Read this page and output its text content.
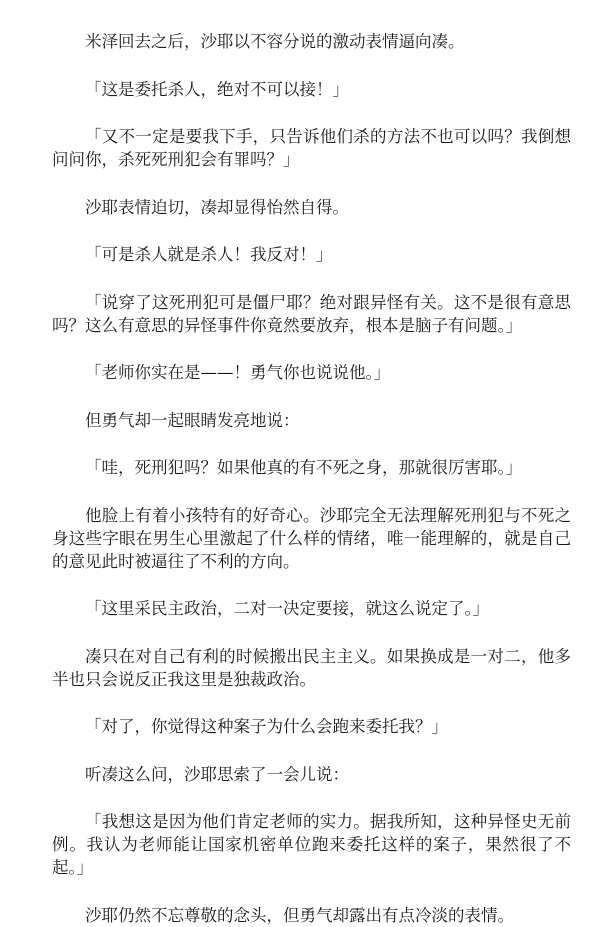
米泽回去之后，沙耶以不容分说的激动表情逼向凑。

「这是委托杀人，绝对不可以接！」

「又不一定是要我下手，只告诉他们杀的方法不也可以吗？我倒想问问你，杀死死刑犯会有罪吗？」

沙耶表情迫切，凑却显得怡然自得。

「可是杀人就是杀人！我反对！」

「说穿了这死刑犯可是僵尸耶？绝对跟异怪有关。这不是很有意思吗？这么有意思的异怪事件你竟然要放弃，根本是脑子有问题。」

「老师你实在是——！勇气你也说说他。」

但勇气却一起眼睛发亮地说：

「哇，死刑犯吗？如果他真的有不死之身，那就很厉害耶。」

他脸上有着小孩特有的好奇心。沙耶完全无法理解死刑犯与不死之身这些字眼在男生心里激起了什么样的情绪，唯一能理解的，就是自己的意见此时被逼往了不利的方向。

「这里采民主政治，二对一决定要接，就这么说定了。」

凑只在对自己有利的时候搬出民主主义。如果换成是一对二，他多半也只会说反正我这里是独裁政治。

「对了，你觉得这种案子为什么会跑来委托我？」

听凑这么问，沙耶思索了一会儿说：

「我想这是因为他们肯定老师的实力。据我所知，这种异怪史无前例。我认为老师能让国家机密单位跑来委托这样的案子，果然很了不起。」

沙耶仍然不忘尊敬的念头，但勇气却露出有点冷淡的表情。
